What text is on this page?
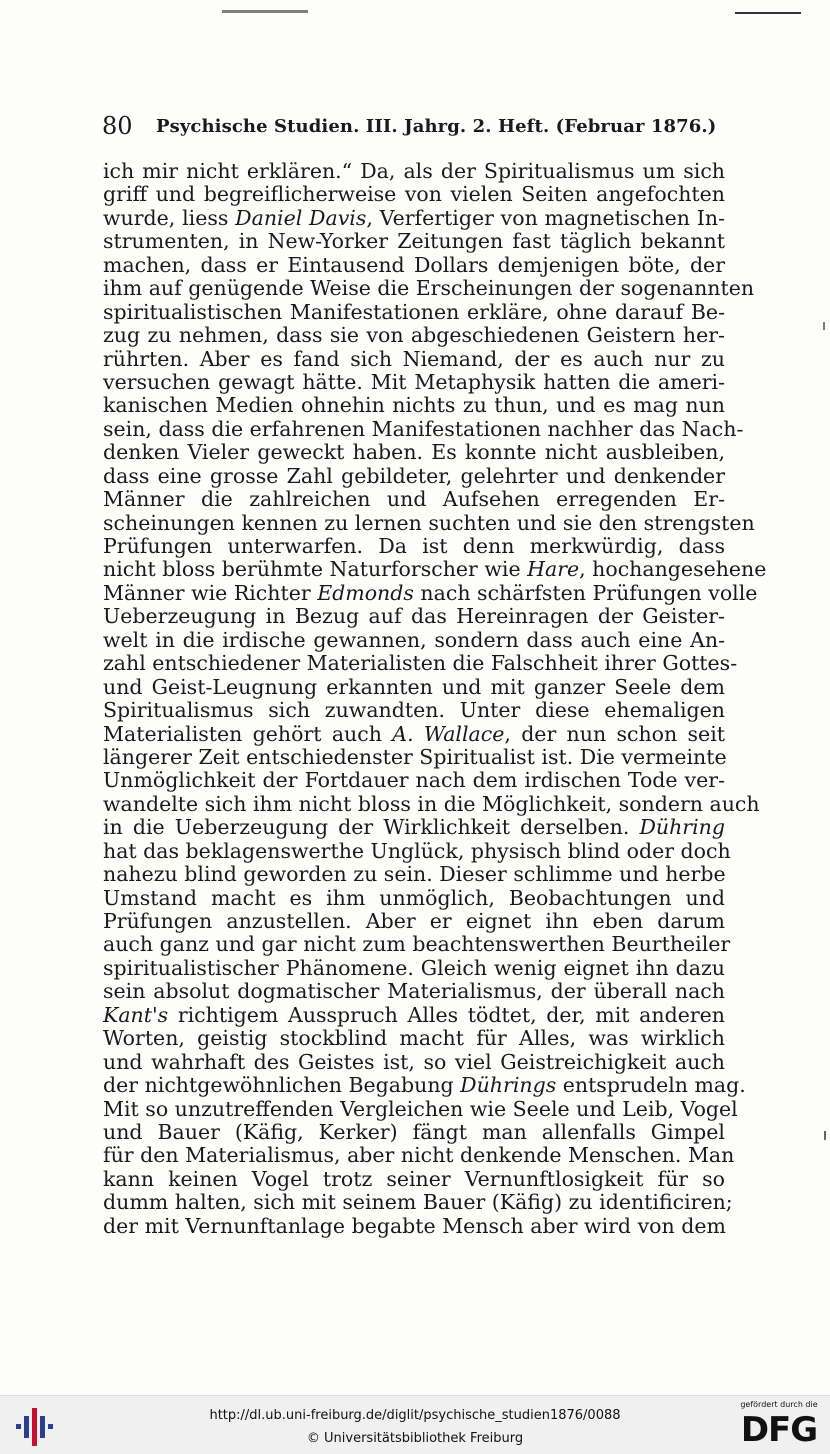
80 Psychische Studien. III. Jahrg. 2. Heft. (Februar 1876.)
ich mir nicht erklären.“ Da, als der Spiritualismus um sich
griff und begreiflicherweise von vielen Seiten angefochten
wurde, liess Daniel Davis, Verfertiger von magnetischen In-
strumenten, in New-Yorker Zeitungen fast täglich bekannt
machen, dass er Eintausend Dollars demjenigen böte, der
ihm auf genügende Weise die Erscheinungen der sogenannten
spiritualistischen Manifestationen erkläre, ohne darauf Be-
zug zu nehmen, dass sie von abgeschiedenen Geistern her-
rührten. Aber es fand sich Niemand, der es auch nur zu
versuchen gewagt hätte. Mit Metaphysik hatten die ameri-
kanischen Medien ohnehin nichts zu thun, und es mag nun
sein, dass die erfahrenen Manifestationen nachher das Nach-
denken Vieler geweckt haben. Es konnte nicht ausbleiben,
dass eine grosse Zahl gebildeter, gelehrter und denkender
Männer die zahlreichen und Aufsehen erregenden Er-
scheinungen kennen zu lernen suchten und sie den strengsten
Prüfungen unterwarfen. Da ist denn merkwürdig, dass
nicht bloss berühmte Naturforscher wie Hare, hochangesehene
Männer wie Richter Edmonds nach schärfsten Prüfungen volle
Ueberzeugung in Bezug auf das Hereinragen der Geister-
welt in die irdische gewannen, sondern dass auch eine An-
zahl entschiedener Materialisten die Falschheit ihrer Gottes-
und Geist-Leugnung erkannten und mit ganzer Seele dem
Spiritualismus sich zuwandten. Unter diese ehemaligen
Materialisten gehört auch A. Wallace, der nun schon seit
längerer Zeit entschiedenster Spiritualist ist. Die vermeinte
Unmöglichkeit der Fortdauer nach dem irdischen Tode ver-
wandelte sich ihm nicht bloss in die Möglichkeit, sondern auch
in die Ueberzeugung der Wirklichkeit derselben. Dühring
hat das beklagenswerthe Unglück, physisch blind oder doch
nahezu blind geworden zu sein. Dieser schlimme und herbe
Umstand macht es ihm unmöglich, Beobachtungen und
Prüfungen anzustellen. Aber er eignet ihn eben darum
auch ganz und gar nicht zum beachtenswerthen Beurtheiler
spiritualistischer Phänomene. Gleich wenig eignet ihn dazu
sein absolut dogmatischer Materialismus, der überall nach
Kant's richtigem Ausspruch Alles tödtet, der, mit anderen
Worten, geistig stockblind macht für Alles, was wirklich
und wahrhaft des Geistes ist, so viel Geistreichigkeit auch
der nichtgewöhnlichen Begabung Dührings entsprudeln mag.
Mit so unzutreffenden Vergleichen wie Seele und Leib, Vogel
und Bauer (Käfig, Kerker) fängt man allenfalls Gimpel
für den Materialismus, aber nicht denkende Menschen. Man
kann keinen Vogel trotz seiner Vernunftlosigkeit für so
dumm halten, sich mit seinem Bauer (Käfig) zu identificiren;
der mit Vernunftanlage begabte Mensch aber wird von dem
http://dl.ub.uni-freiburg.de/diglit/psychische_studien1876/0088
© Universitätsbibliothek Freiburg
gefördert durch die
DFG
